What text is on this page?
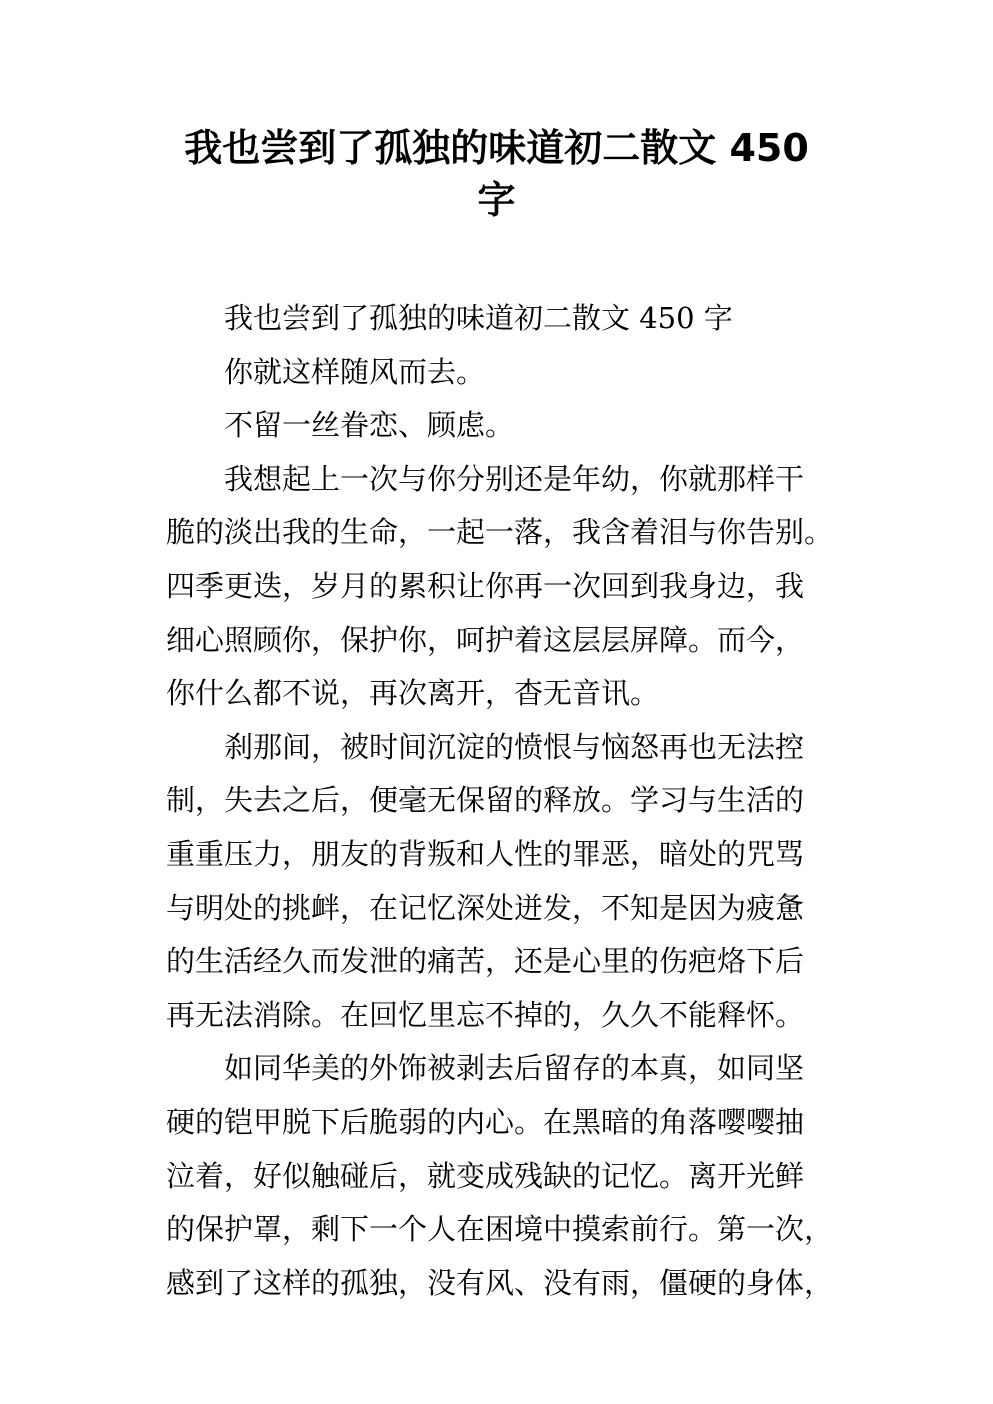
我也尝到了孤独的味道初二散文 450
字
我也尝到了孤独的味道初二散文 450 字
你就这样随风而去。
不留一丝眷恋、顾虑。
我想起上一次与你分别还是年幼，你就那样干
脆的淡出我的生命，一起一落，我含着泪与你告别。
四季更迭，岁月的累积让你再一次回到我身边，我
细心照顾你，保护你，呵护着这层层屏障。而今，
你什么都不说，再次离开，杳无音讯。
刹那间，被时间沉淀的愤恨与恼怒再也无法控
制，失去之后，便毫无保留的释放。学习与生活的
重重压力，朋友的背叛和人性的罪恶，暗处的咒骂
与明处的挑衅，在记忆深处迸发，不知是因为疲惫
的生活经久而发泄的痛苦，还是心里的伤疤烙下后
再无法消除。在回忆里忘不掉的，久久不能释怀。
如同华美的外饰被剥去后留存的本真，如同坚
硬的铠甲脱下后脆弱的内心。在黑暗的角落嘤嘤抽
泣着，好似触碰后，就变成残缺的记忆。离开光鲜
的保护罩，剩下一个人在困境中摸索前行。第一次，
感到了这样的孤独，没有风、没有雨，僵硬的身体，
